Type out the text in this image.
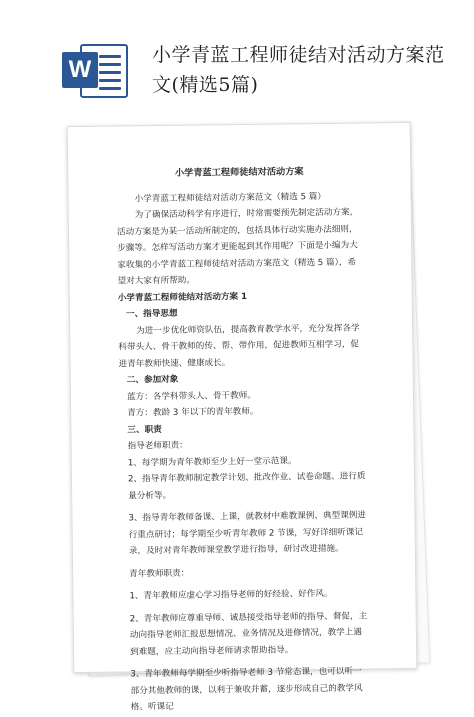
W
小学青蓝工程师徒结对活动方案范文(精选5篇)
小学青蓝工程师徒结对活动方案

小学青蓝工程师徒结对活动方案范文（精选 5 篇）

为了确保活动科学有序进行，时常需要预先制定活动方案，活动方案是为某一活动所制定的，包括具体行动实施办法细则，步骤等。怎样写活动方案才更能起到其作用呢？下面是小编为大家收集的小学青蓝工程师徒结对活动方案范文（精选 5 篇），希望对大家有所帮助。

小学青蓝工程师徒结对活动方案 1

一、指导思想

为进一步优化师资队伍，提高教育教学水平，充分发挥各学科带头人、骨干教师的传、帮、带作用，促进教师互相学习，促进青年教师快速、健康成长。

二、参加对象

蓝方：各学科带头人、骨干教师。

青方：教龄 3 年以下的青年教师。

三、职责

指导老师职责：

1、每学期为青年教师至少上好一堂示范课。

2、指导青年教师制定教学计划、批改作业、试卷命题、进行质量分析等。

3、指导青年教师备课、上课，就教材中难教课例、典型课例进行重点研讨；每学期至少听青年教师 2 节课，写好详细听课记录，及时对青年教师课堂教学进行指导，研讨改进措施。

青年教师职责：

1、青年教师应虚心学习指导老师的好经验、好作风。

2、青年教师应尊重导师、诚恳接受指导老师的指导、督促，主动向指导老师汇报思想情况、业务情况及进修情况，教学上遇到难题，应主动向指导老师请求帮助指导。

3、青年教师每学期至少听指导老师 3 节常态课，也可以听一部分其他教师的课，以利于兼收并蓄，逐步形成自己的教学风格。听课记
